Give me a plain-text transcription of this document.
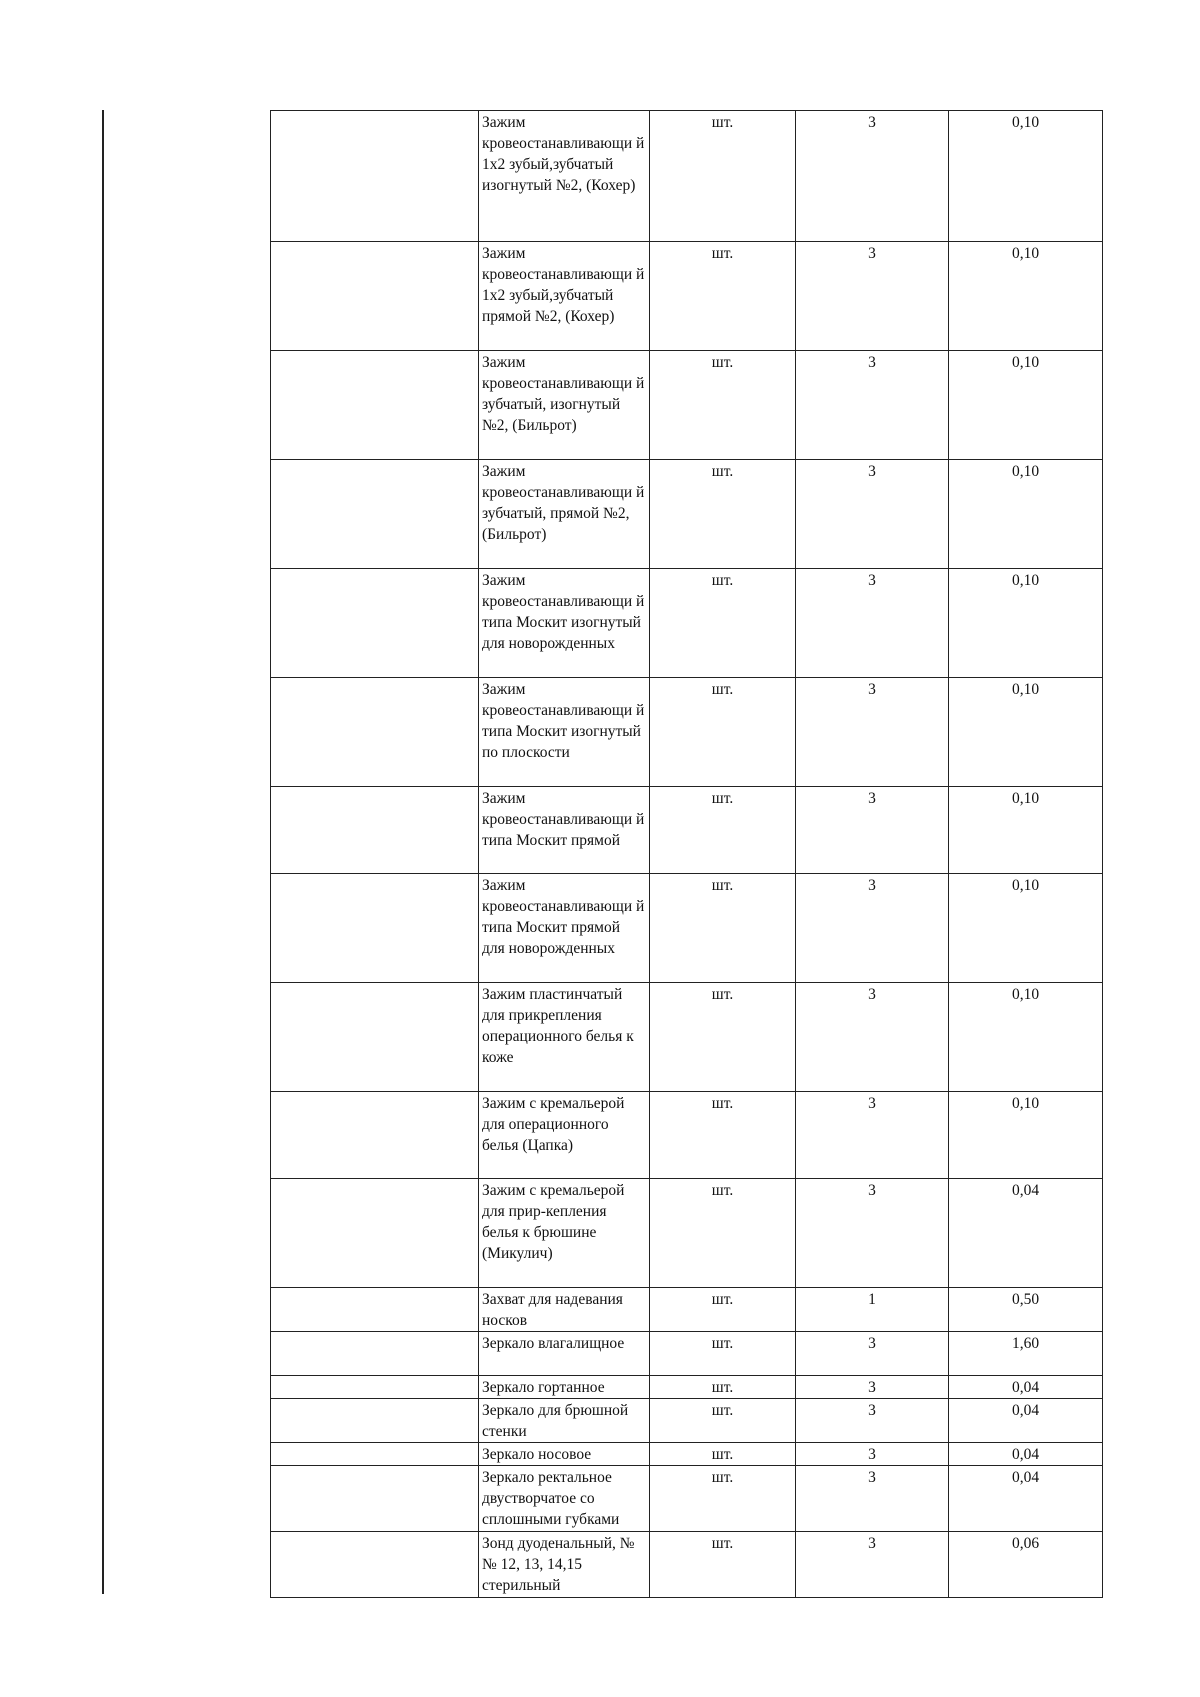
	Зажим кровеостанавливающи й 1х2 зубый,зубчатый изогнутый №2, (Кохер)	шт.	3	0,10
	Зажим кровеостанавливающи й 1х2 зубый,зубчатый прямой №2, (Кохер)	шт.	3	0,10
	Зажим кровеостанавливающи й зубчатый, изогнутый №2, (Бильрот)	шт.	3	0,10
	Зажим кровеостанавливающи й зубчатый, прямой №2, (Бильрот)	шт.	3	0,10
	Зажим кровеостанавливающи й типа Москит изогнутый для новорожденных	шт.	3	0,10
	Зажим кровеостанавливающи й типа Москит изогнутый по плоскости	шт.	3	0,10
	Зажим кровеостанавливающи й типа Москит прямой	шт.	3	0,10
	Зажим кровеостанавливающи й типа Москит прямой для новорожденных	шт.	3	0,10
	Зажим пластинчатый для прикрепления операционного белья к коже	шт.	3	0,10
	Зажим с кремальерой для операционного белья (Цапка)	шт.	3	0,10
	Зажим с кремальерой для прир-кепления белья к брюшине (Микулич)	шт.	3	0,04
	Захват для надевания носков	шт.	1	0,50
	Зеркало влагалищное	шт.	3	1,60
	Зеркало гортанное	шт.	3	0,04
	Зеркало для брюшной стенки	шт.	3	0,04
	Зеркало носовое	шт.	3	0,04
	Зеркало ректальное двустворчатое со сплошными губками	шт.	3	0,04
	Зонд дуоденальный, №№ 12, 13, 14,15 стерильный	шт.	3	0,06
